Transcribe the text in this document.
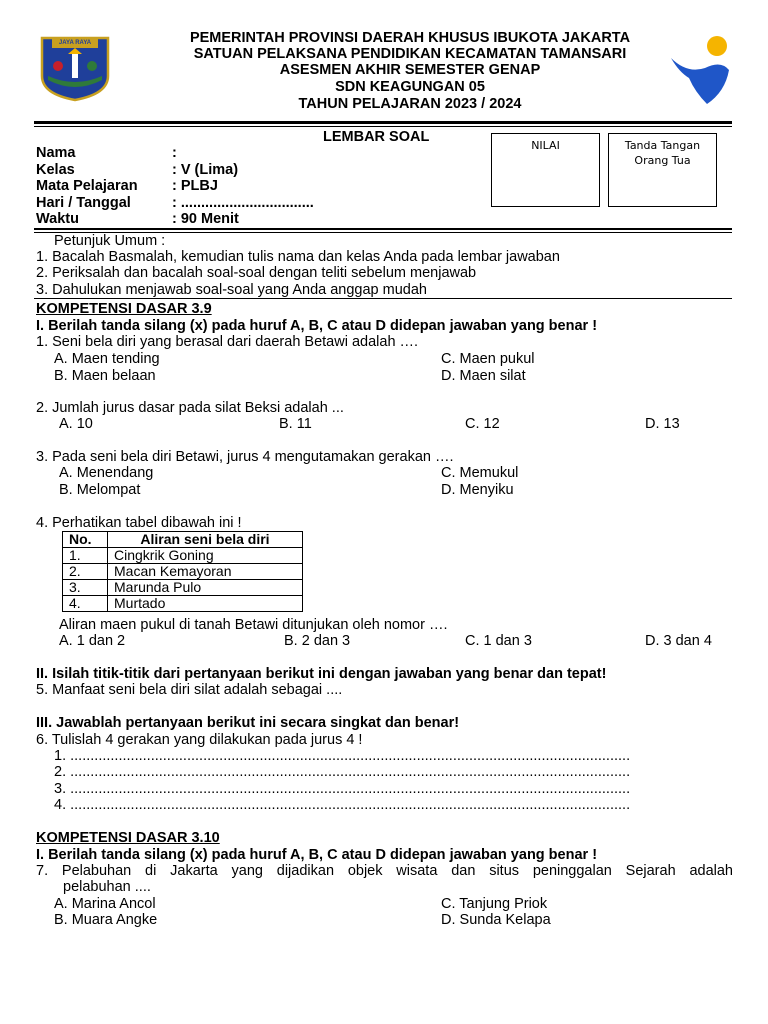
JAYA RAYA	PEMERINTAH PROVINSI DAERAH KHUSUS IBUKOTA JAKARTA
SATUAN PELAKSANA PENDIDIKAN KECAMATAN TAMANSARI
ASESMEN AKHIR SEMESTER GENAP
SDN KEAGUNGAN 05
TAHUN PELAJARAN 2023 / 2024
LEMBAR SOAL
NILAI	Tanda Tangan
Orang Tua
Nama	:
Kelas	: V (Lima)
Mata Pelajaran : PLBJ
Hari / Tanggal	: .................................
Waktu	: 90 Menit
Petunjuk Umum :
1. Bacalah Basmalah, kemudian tulis nama dan kelas Anda pada lembar jawaban
2. Periksalah dan bacalah soal-soal dengan teliti sebelum menjawab
3. Dahulukan menjawab soal-soal yang Anda anggap mudah
KOMPETENSI DASAR 3.9
I. Berilah tanda silang (x) pada huruf A, B, C atau D didepan jawaban yang benar !
1. Seni bela diri yang berasal dari daerah Betawi adalah ….
A. Maen tending	C. Maen pukul
B. Maen belaan	D. Maen silat
2. Jumlah jurus dasar pada silat Beksi adalah ...
A. 10	B. 11	C. 12	D. 13
3. Pada seni bela diri Betawi, jurus 4 mengutamakan gerakan ….
A. Menendang	C. Memukul
B. Melompat	D. Menyiku
4. Perhatikan tabel dibawah ini !
No.	Aliran seni bela diri
1.	Cingkrik Goning
2.	Macan Kemayoran
3.	Marunda Pulo
4.	Murtado
Aliran maen pukul di tanah Betawi ditunjukan oleh nomor ….
A. 1 dan 2	B. 2 dan 3	C. 1 dan 3	D. 3 dan 4
II. Isilah titik-titik dari pertanyaan berikut ini dengan jawaban yang benar dan tepat!
5. Manfaat seni bela diri silat adalah sebagai ....
III. Jawablah pertanyaan berikut ini secara singkat dan benar!
6. Tulislah 4 gerakan yang dilakukan pada jurus 4 !
1. ...........................................................................................................................................
2. ...........................................................................................................................................
3. ...........................................................................................................................................
4. ...........................................................................................................................................
KOMPETENSI DASAR 3.10
I. Berilah tanda silang (x) pada huruf A, B, C atau D didepan jawaban yang benar !
7. Pelabuhan di Jakarta yang dijadikan objek wisata dan situs peninggalan Sejarah adalah
pelabuhan ....
A. Marina Ancol	C. Tanjung Priok
B. Muara Angke	D. Sunda Kelapa
